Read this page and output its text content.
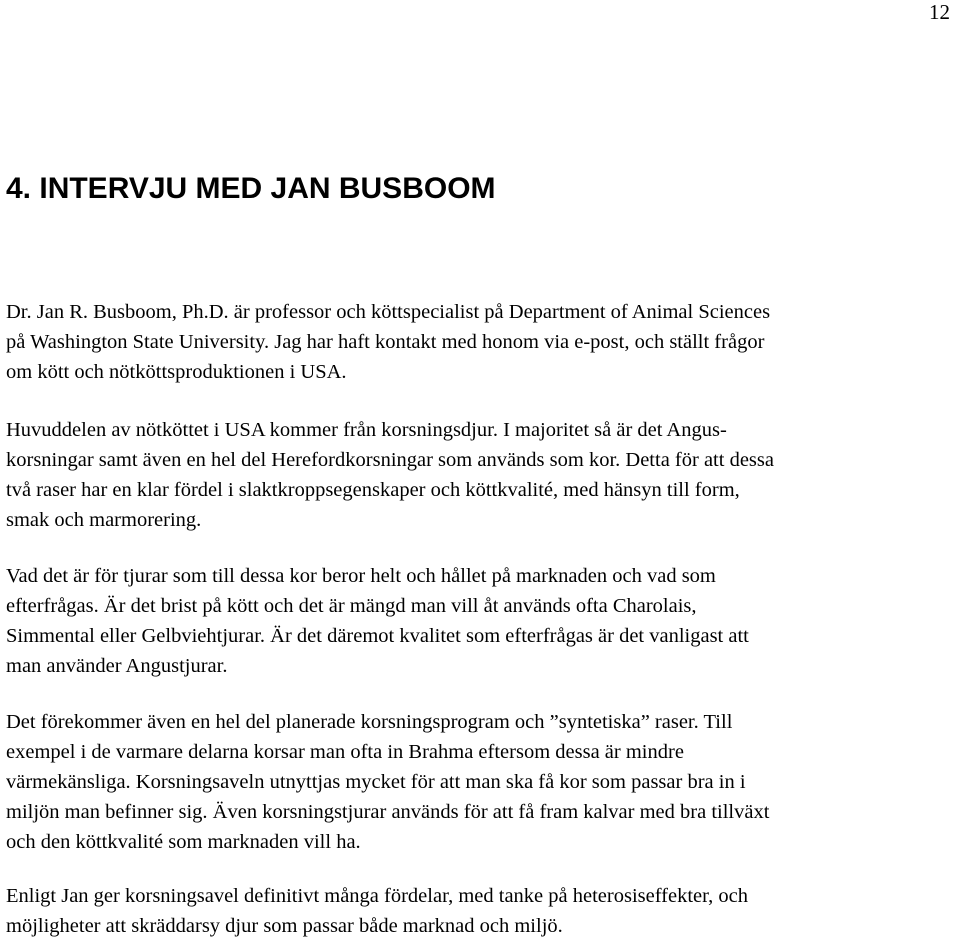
12
4. INTERVJU MED JAN BUSBOOM

Dr. Jan R. Busboom, Ph.D. är professor och köttspecialist på Department of Animal Sciences
på Washington State University. Jag har haft kontakt med honom via e-post, och ställt frågor
om kött och nötköttsproduktionen i USA.

Huvuddelen av nötköttet i USA kommer från korsningsdjur. I majoritet så är det Angus-
korsningar samt även en hel del Herefordkorsningar som används som kor. Detta för att dessa
två raser har en klar fördel i slaktkroppsegenskaper och köttkvalité, med hänsyn till form,
smak och marmorering.

Vad det är för tjurar som till dessa kor beror helt och hållet på marknaden och vad som
efterfrågas. Är det brist på kött och det är mängd man vill åt används ofta Charolais,
Simmental eller Gelbviehtjurar. Är det däremot kvalitet som efterfrågas är det vanligast att
man använder Angustjurar.

Det förekommer även en hel del planerade korsningsprogram och ”syntetiska” raser. Till
exempel i de varmare delarna korsar man ofta in Brahma eftersom dessa är mindre
värmekänsliga. Korsningsaveln utnyttjas mycket för att man ska få kor som passar bra in i
miljön man befinner sig. Även korsningstjurar används för att få fram kalvar med bra tillväxt
och den köttkvalité som marknaden vill ha.

Enligt Jan ger korsningsavel definitivt många fördelar, med tanke på heterosiseffekter, och
möjligheter att skräddarsy djur som passar både marknad och miljö.
